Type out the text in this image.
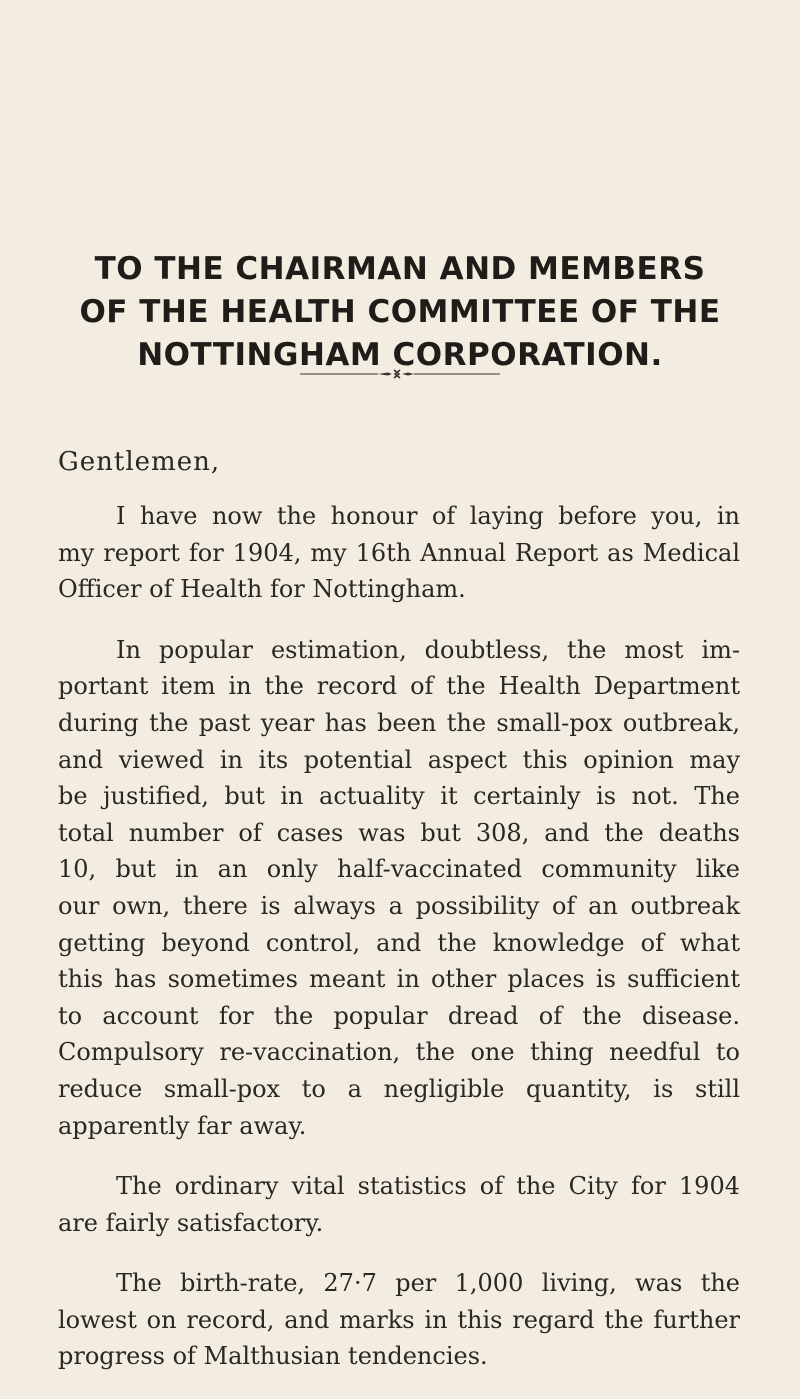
TO THE CHAIRMAN AND MEMBERS
OF THE HEALTH COMMITTEE OF THE
NOTTINGHAM CORPORATION.
Gentlemen,
I have now the honour of laying before you, in
my report for 1904, my 16th Annual Report as Medical
Officer of Health for Nottingham.
In popular estimation, doubtless, the most im-
portant item in the record of the Health Department
during the past year has been the small-pox outbreak,
and viewed in its potential aspect this opinion may
be justified, but in actuality it certainly is not. The
total number of cases was but 308, and the deaths
10, but in an only half-vaccinated community like
our own, there is always a possibility of an outbreak
getting beyond control, and the knowledge of what
this has sometimes meant in other places is sufficient
to account for the popular dread of the disease.
Compulsory re-vaccination, the one thing needful to
reduce small-pox to a negligible quantity, is still
apparently far away.
The ordinary vital statistics of the City for 1904
are fairly satisfactory.
The birth-rate, 27·7 per 1,000 living, was the
lowest on record, and marks in this regard the further
progress of Malthusian tendencies.
